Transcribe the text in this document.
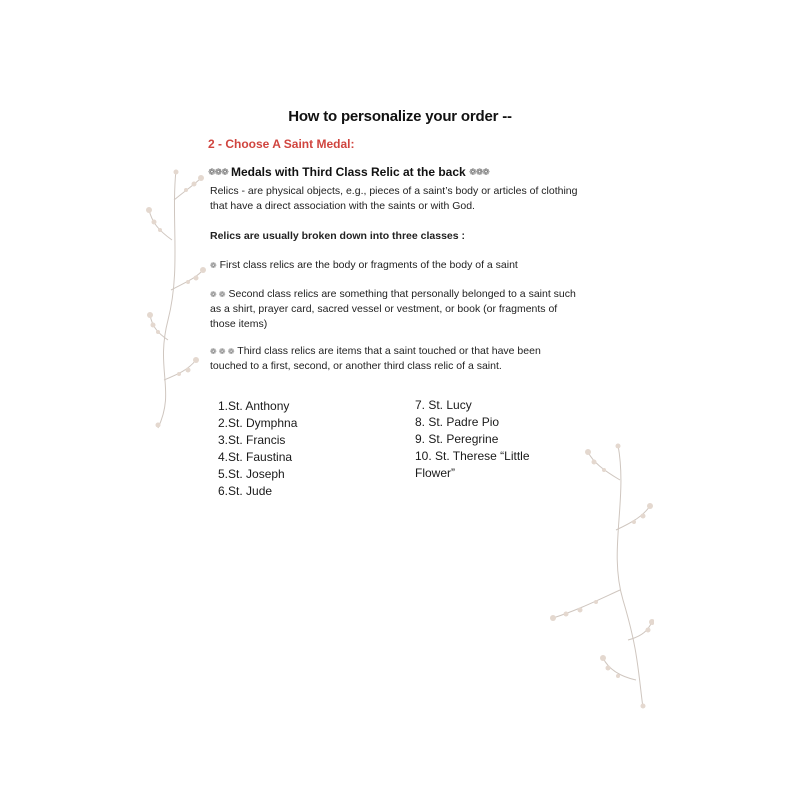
How to personalize your order --
2 - Choose A Saint Medal:
❁❁❁ Medals with Third Class Relic at the back ❁❁❁
Relics - are physical objects, e.g., pieces of a saint’s body or articles of clothing that have a direct association with the saints or with God.
Relics are usually broken down into three classes :
❁ First class relics are the body or fragments of the body of a saint
❁ ❁ Second class relics are something that personally belonged to a saint such as a shirt, prayer card, sacred vessel or vestment, or book (or fragments of those items)
❁ ❁ ❁ Third class relics are items that a saint touched or that have been touched to a first, second, or another third class relic of a saint.
1.St. Anthony
2.St. Dymphna
3.St. Francis
4.St. Faustina
5.St. Joseph
6.St. Jude
7. St. Lucy
8. St. Padre Pio
9. St. Peregrine
10. St. Therese “Little Flower”
